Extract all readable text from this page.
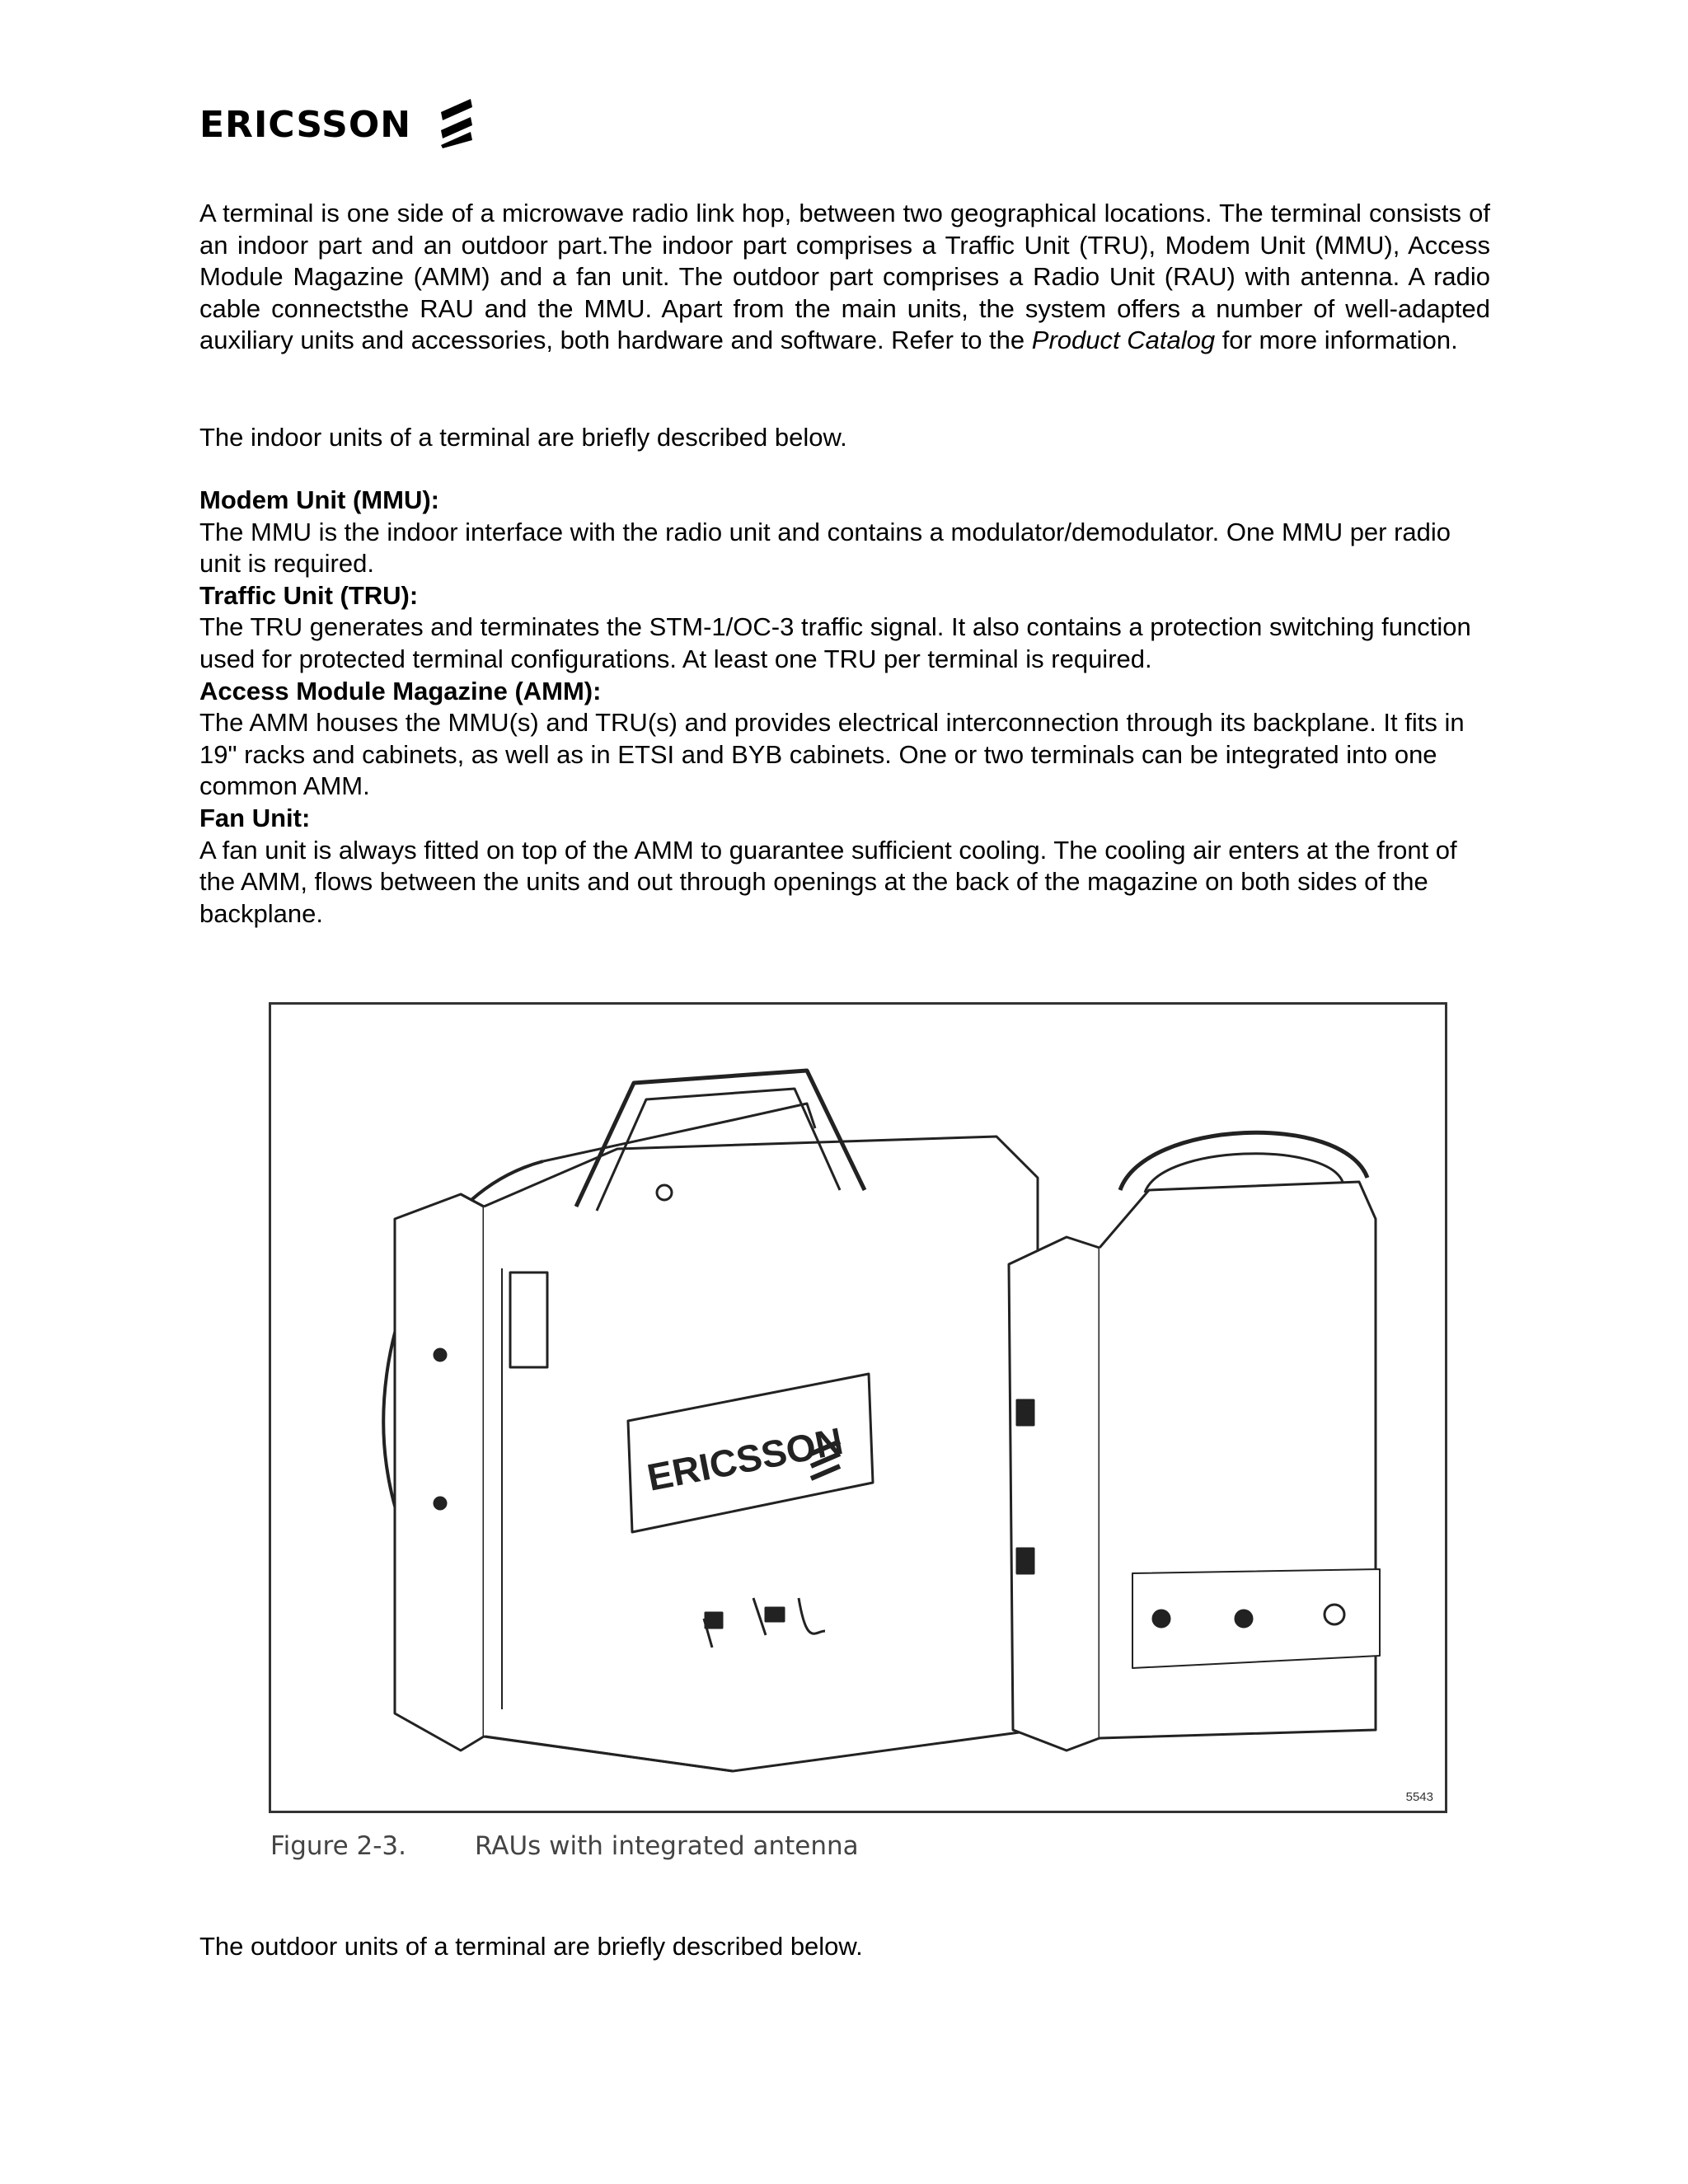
ERICSSON
A terminal is one side of a microwave radio link hop, between two geographical locations. The terminal consists of an indoor part and an outdoor part.The indoor part comprises a Traffic Unit (TRU), Modem Unit (MMU), Access Module Magazine (AMM) and a fan unit. The outdoor part comprises a Radio Unit (RAU) with antenna. A radio cable connectsthe RAU and the MMU. Apart from the main units, the system offers a number of well-adapted auxiliary units and accessories, both hardware and software. Refer to the Product Catalog for more information.
The indoor units of a terminal are briefly described below.
Modem Unit (MMU):
The MMU is the indoor interface with the radio unit and contains a modulator/demodulator. One MMU per radio unit is required.
Traffic Unit (TRU):
The TRU generates and terminates the STM-1/OC-3 traffic signal. It also contains a protection switching function used for protected terminal configurations. At least one TRU per terminal is required.
Access Module Magazine (AMM):
The AMM houses the MMU(s) and TRU(s) and provides electrical interconnection through its backplane. It fits in 19" racks and cabinets, as well as in ETSI and BYB cabinets. One or two terminals can be integrated into one common AMM.
Fan Unit:
A fan unit is always fitted on top of the AMM to guarantee sufficient cooling. The cooling air enters at the front of the AMM, flows between the units and out through openings at the back of the magazine on both sides of the backplane.
ERICSSON
5543
Figure 2-3.	RAUs with integrated antenna
The outdoor units of a terminal are briefly described below.
